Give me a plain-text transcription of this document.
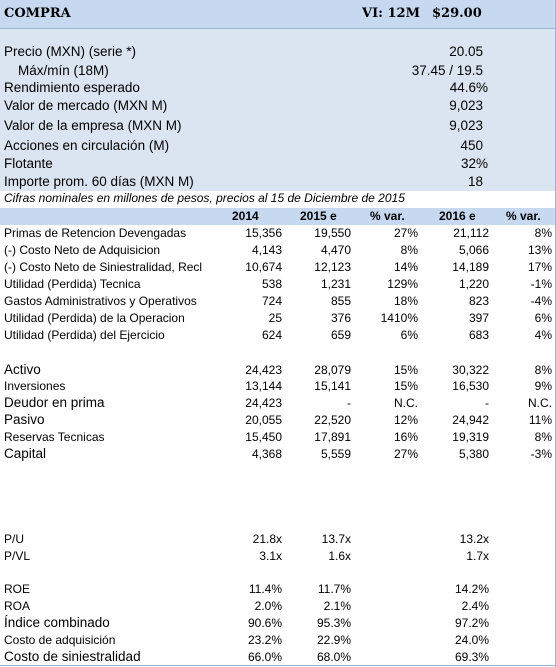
COMPRA	VI: 12M $29.00
Precio (MXN) (serie *)	20.05
Máx/mín (18M)	37.45 / 19.5
Rendimiento esperado	44.6%
Valor de mercado (MXN M)	9,023
Valor de la empresa (MXN M)	9,023
Acciones en circulación (M)	450
Flotante	32%
Importe prom. 60 días (MXN M)	18
Cifras nominales en millones de pesos, precios al 15 de Diciembre de 2015
2014	2015 e	% var.	2016 e	% var.
Primas de Retencion Devengadas	15,356	19,550	27%	21,112	8%
(-) Costo Neto de Adquisicion	4,143	4,470	8%	5,066	13%
(-) Costo Neto de Siniestralidad, Recl	10,674	12,123	14%	14,189	17%
Utilidad (Perdida) Tecnica	538	1,231	129%	1,220	-1%
Gastos Administrativos y Operativos	724	855	18%	823	-4%
Utilidad (Perdida) de la Operacion	25	376 1410%	397	6%
Utilidad (Perdida) del Ejercicio	624	659	6%	683	4%
Activo	24,423	28,079	15%	30,322	8%
Inversiones	13,144	15,141	15%	16,530	9%
Deudor en prima	24,423	-	N.C.	-	N.C.
Pasivo	20,055	22,520	12%	24,942	11%
Reservas Tecnicas	15,450	17,891	16%	19,319	8%
Capital	4,368	5,559	27%	5,380	-3%
P/U	21.8x	13.7x	13.2x
P/VL	3.1x	1.6x	1.7x
ROE	11.4%	11.7%	14.2%
ROA	2.0%	2.1%	2.4%
Índice combinado	90.6%	95.3%	97.2%
Costo de adquisición	23.2%	22.9%	24.0%
Costo de siniestralidad	66.0%	68.0%	69.3%
